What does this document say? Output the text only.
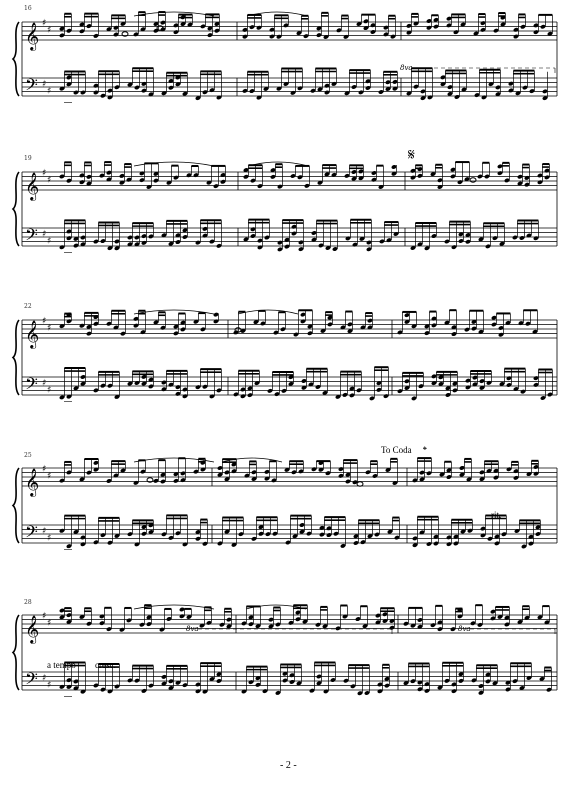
𝄞
𝄢
♯
♯
♯
♯
𝄞
𝄢
♯
♯
♯
♯
𝄞
𝄢
♯
♯
♯
♯
𝄞
𝄢
♯
♯
♯
♯
𝄞
𝄢
♯
♯
♯
♯
𝄋
𝄌
16
19
22
25
28
8va
8va	8va
To Coda
rit.
a tempo cresc.
- 2 -
